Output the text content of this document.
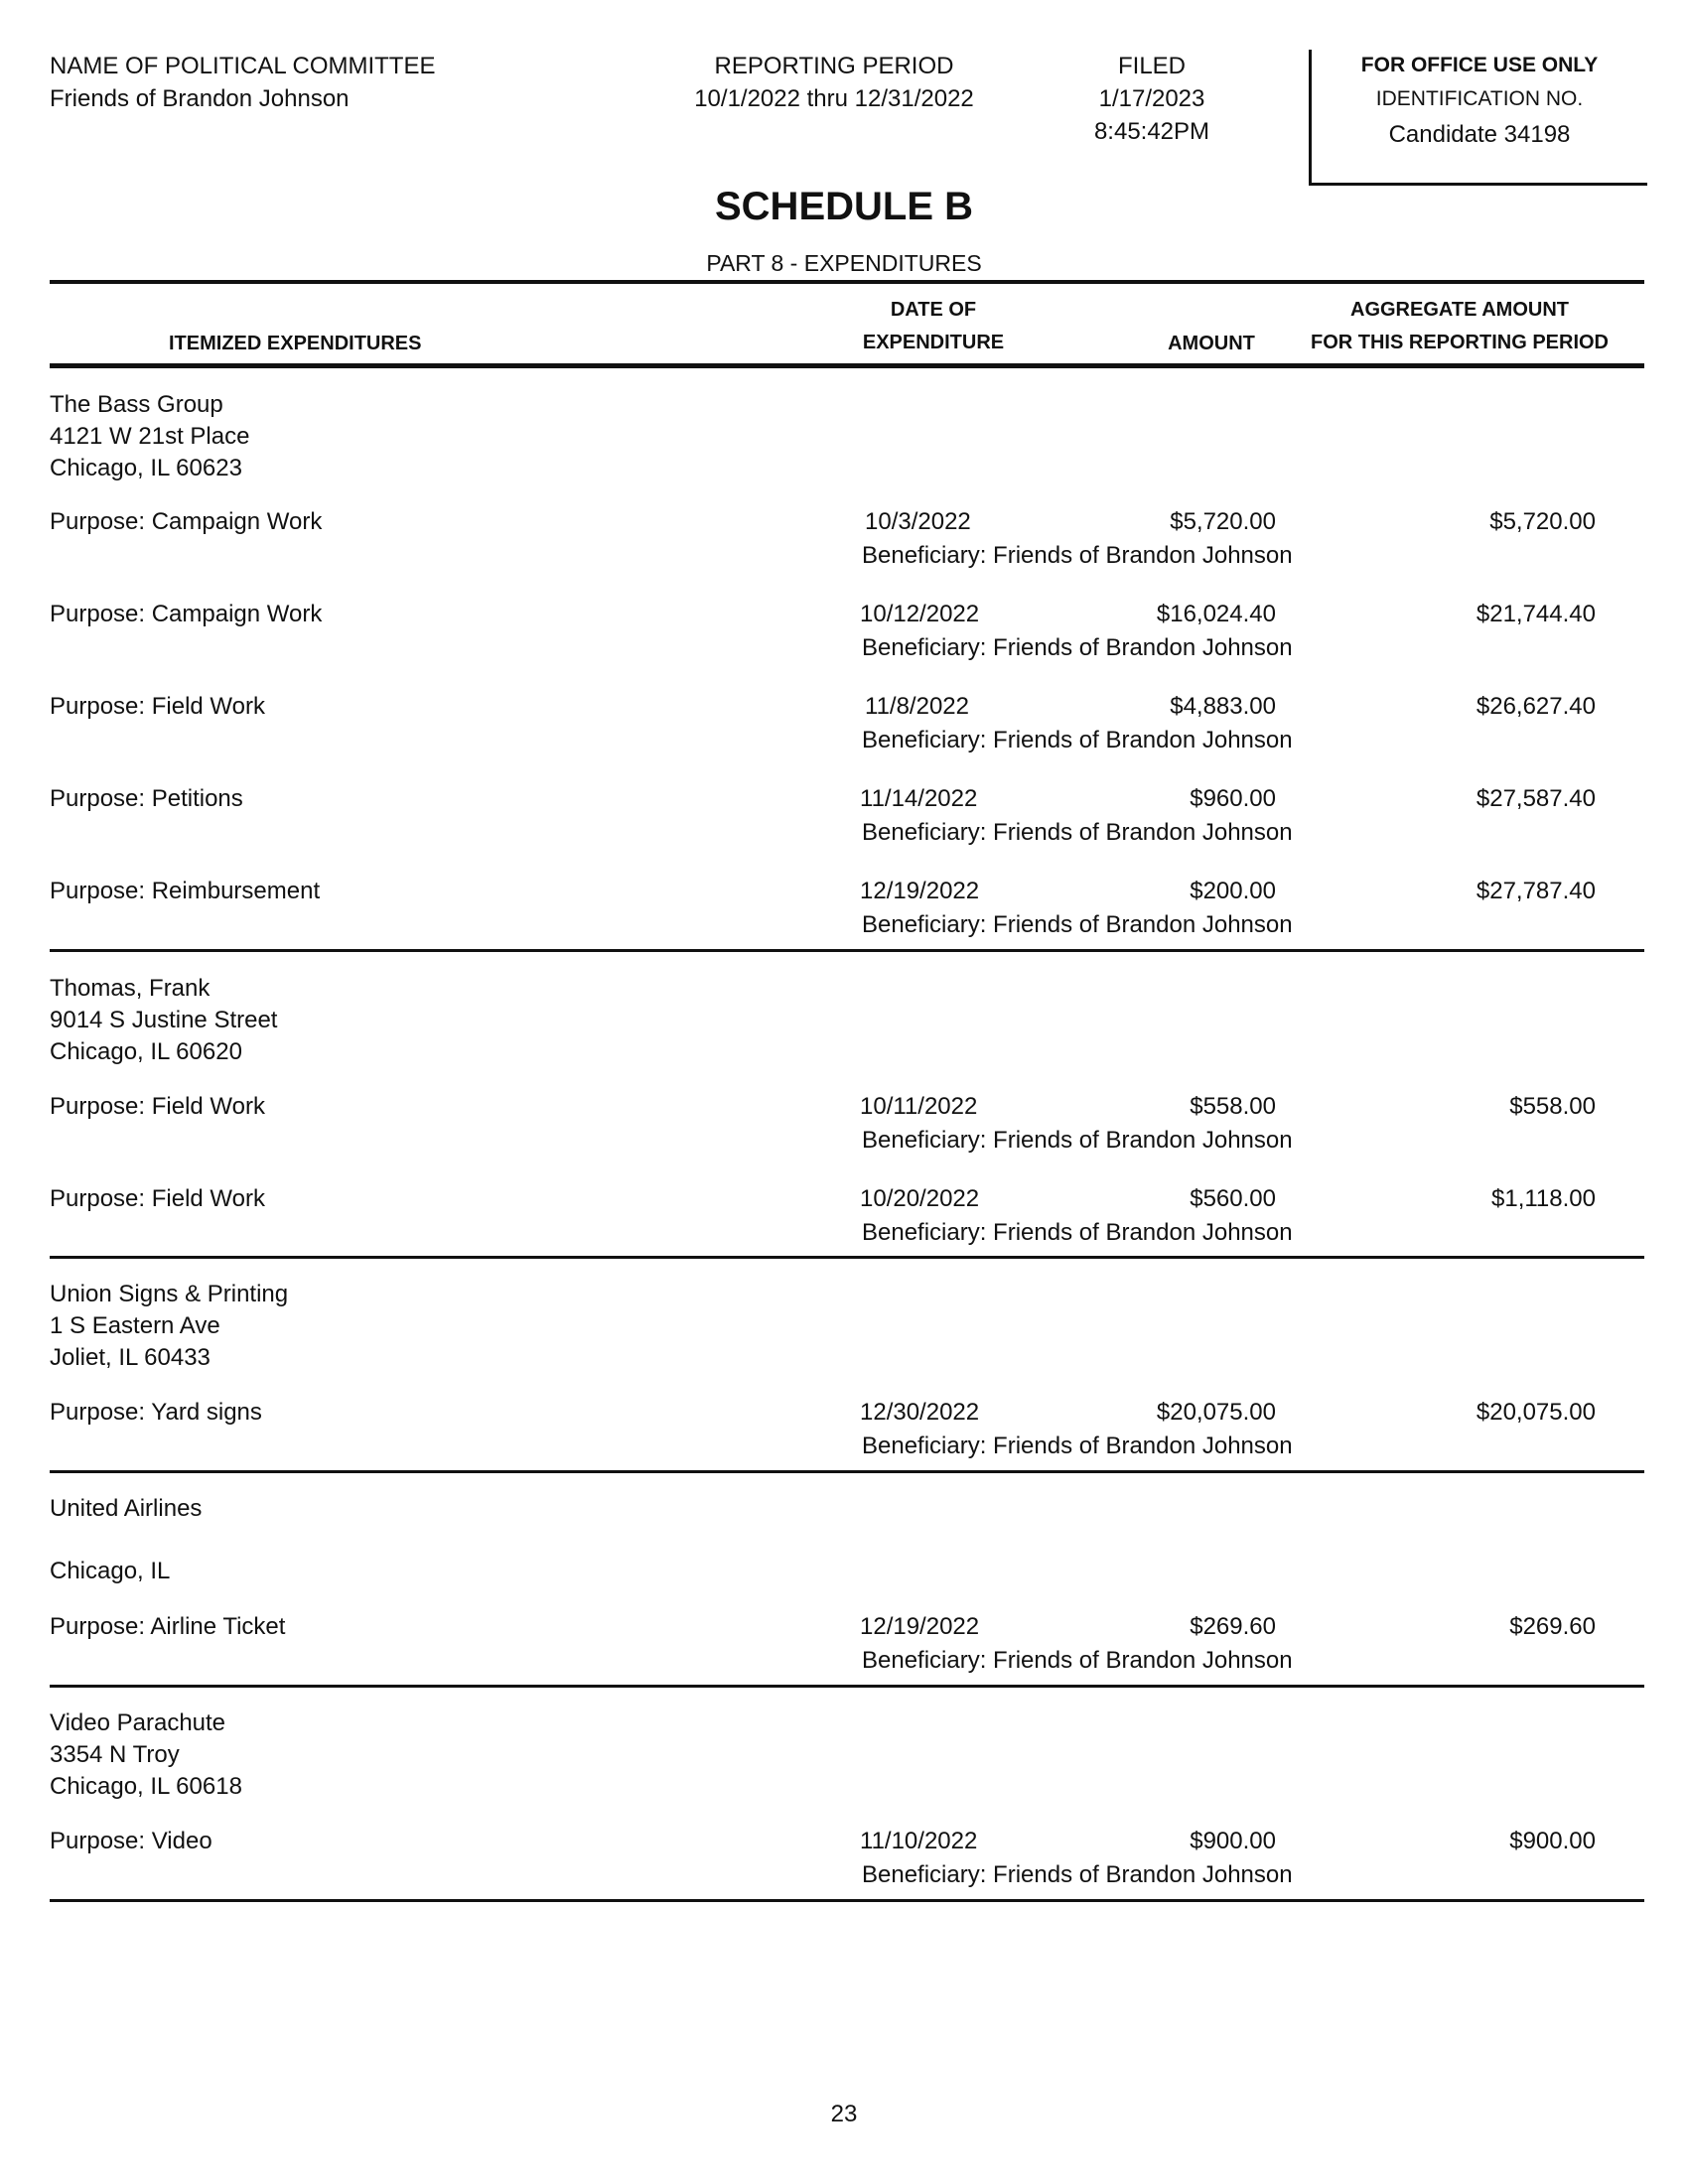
NAME OF POLITICAL COMMITTEE
Friends of Brandon Johnson
REPORTING PERIOD
10/1/2022 thru 12/31/2022
FILED
1/17/2023
8:45:42PM
FOR OFFICE USE ONLY
IDENTIFICATION NO.
Candidate 34198
SCHEDULE B
PART 8 - EXPENDITURES
ITEMIZED EXPENDITURES
DATE OF
EXPENDITURE	AMOUNT
AGGREGATE AMOUNT
FOR THIS REPORTING PERIOD
The Bass Group
4121 W 21st Place
Chicago, IL 60623
Purpose: Campaign Work	10/3/2022	$5,720.00	$5,720.00
Beneficiary: Friends of Brandon Johnson
Purpose: Campaign Work	10/12/2022	$16,024.40	$21,744.40
Beneficiary: Friends of Brandon Johnson
Purpose: Field Work	11/8/2022	$4,883.00	$26,627.40
Beneficiary: Friends of Brandon Johnson
Purpose: Petitions	11/14/2022	$960.00	$27,587.40
Beneficiary: Friends of Brandon Johnson
Purpose: Reimbursement	12/19/2022	$200.00	$27,787.40
Beneficiary: Friends of Brandon Johnson
Thomas, Frank
9014 S Justine Street
Chicago, IL 60620
Purpose: Field Work	10/11/2022	$558.00	$558.00
Beneficiary: Friends of Brandon Johnson
Purpose: Field Work	10/20/2022	$560.00	$1,118.00
Beneficiary: Friends of Brandon Johnson
Union Signs & Printing
1 S Eastern Ave
Joliet, IL 60433
Purpose: Yard signs	12/30/2022	$20,075.00	$20,075.00
Beneficiary: Friends of Brandon Johnson
United Airlines
Chicago, IL
Purpose: Airline Ticket	12/19/2022	$269.60	$269.60
Beneficiary: Friends of Brandon Johnson
Video Parachute
3354 N Troy
Chicago, IL 60618
Purpose: Video	11/10/2022	$900.00	$900.00
Beneficiary: Friends of Brandon Johnson
23
